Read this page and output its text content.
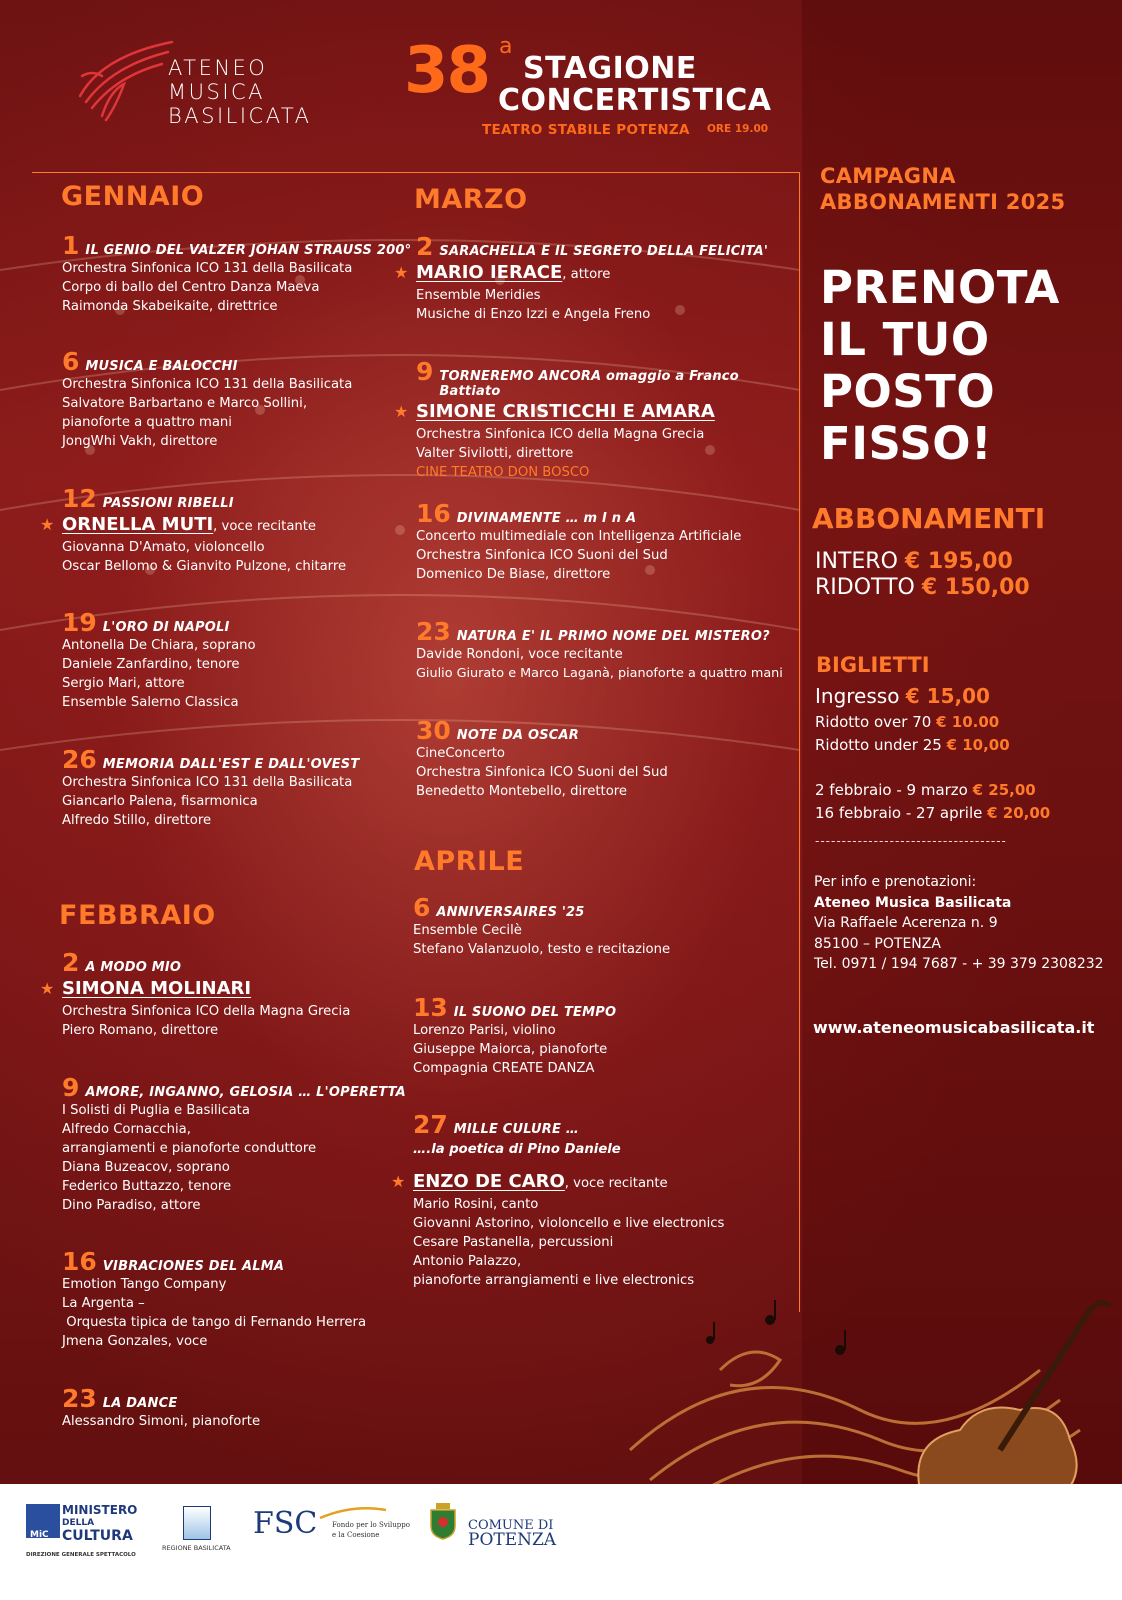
ATENEO
MUSICA
BASILICATA
38 a
STAGIONE
CONCERTISTICA
TEATRO STABILE POTENZA ORE 19.00
GENNAIO
FEBBRAIO
MARZO
APRILE
1 IL GENIO DEL VALZER JOHAN STRAUSS 200°
Orchestra Sinfonica ICO 131 della Basilicata
Corpo di ballo del Centro Danza Maeva
Raimonda Skabeikaite, direttrice
6 MUSICA E BALOCCHI
Orchestra Sinfonica ICO 131 della Basilicata
Salvatore Barbartano e Marco Sollini,
pianoforte a quattro mani
JongWhi Vakh, direttore
12 PASSIONI RIBELLI
★ ORNELLA MUTI, voce recitante
Giovanna D'Amato, violoncello
Oscar Bellomo & Gianvito Pulzone, chitarre
19 L'ORO DI NAPOLI
Antonella De Chiara, soprano
Daniele Zanfardino, tenore
Sergio Mari, attore
Ensemble Salerno Classica
26 MEMORIA DALL'EST E DALL'OVEST
Orchestra Sinfonica ICO 131 della Basilicata
Giancarlo Palena, fisarmonica
Alfredo Stillo, direttore
2 A MODO MIO
★ SIMONA MOLINARI
Orchestra Sinfonica ICO della Magna Grecia
Piero Romano, direttore
9 AMORE, INGANNO, GELOSIA … L'OPERETTA
I Solisti di Puglia e Basilicata
Alfredo Cornacchia,
arrangiamenti e pianoforte conduttore
Diana Buzeacov, soprano
Federico Buttazzo, tenore
Dino Paradiso, attore
16 VIBRACIONES DEL ALMA
Emotion Tango Company
La Argenta –
Orquesta tipica de tango di Fernando Herrera
Jmena Gonzales, voce
23 LA DANCE
Alessandro Simoni, pianoforte
2 SARACHELLA E IL SEGRETO DELLA FELICITA'
★ MARIO IERACE, attore
Ensemble Meridies
Musiche di Enzo Izzi e Angela Freno
9 TORNEREMO ANCORA omaggio a Franco Battiato
★ SIMONE CRISTICCHI E AMARA
Orchestra Sinfonica ICO della Magna Grecia
Valter Sivilotti, direttore
CINE TEATRO DON BOSCO
16 DIVINAMENTE … m I n A
Concerto multimediale con Intelligenza Artificiale
Orchestra Sinfonica ICO Suoni del Sud
Domenico De Biase, direttore
23 NATURA E' IL PRIMO NOME DEL MISTERO?
Davide Rondoni, voce recitante
Giulio Giurato e Marco Laganà, pianoforte a quattro mani
30 NOTE DA OSCAR
CineConcerto
Orchestra Sinfonica ICO Suoni del Sud
Benedetto Montebello, direttore
6 ANNIVERSAIRES '25
Ensemble Cecilè
Stefano Valanzuolo, testo e recitazione
13 IL SUONO DEL TEMPO
Lorenzo Parisi, violino
Giuseppe Maiorca, pianoforte
Compagnia CREATE DANZA
27 MILLE CULURE …
….la poetica di Pino Daniele
★ ENZO DE CARO, voce recitante
Mario Rosini, canto
Giovanni Astorino, violoncello e live electronics
Cesare Pastanella, percussioni
Antonio Palazzo,
pianoforte arrangiamenti e live electronics
CAMPAGNA
ABBONAMENTI 2025
PRENOTA
IL TUO
POSTO
FISSO!
ABBONAMENTI
INTERO € 195,00
RIDOTTO € 150,00
BIGLIETTI
Ingresso € 15,00
Ridotto over 70 € 10.00
Ridotto under 25 € 10,00
2 febbraio - 9 marzo € 25,00
16 febbraio - 27 aprile € 20,00
------------------------------------
Per info e prenotazioni:
Ateneo Musica Basilicata
Via Raffaele Acerenza n. 9
85100 – POTENZA
Tel. 0971 / 194 7687 - + 39 379 2308232
www.ateneomusicabasilicata.it
MiC
MINISTERO
DELLA
CULTURA
DIREZIONE GENERALE SPETTACOLO
REGIONE BASILICATA
FSC Fondo per lo Sviluppo
e la Coesione
COMUNE DI
POTENZA
